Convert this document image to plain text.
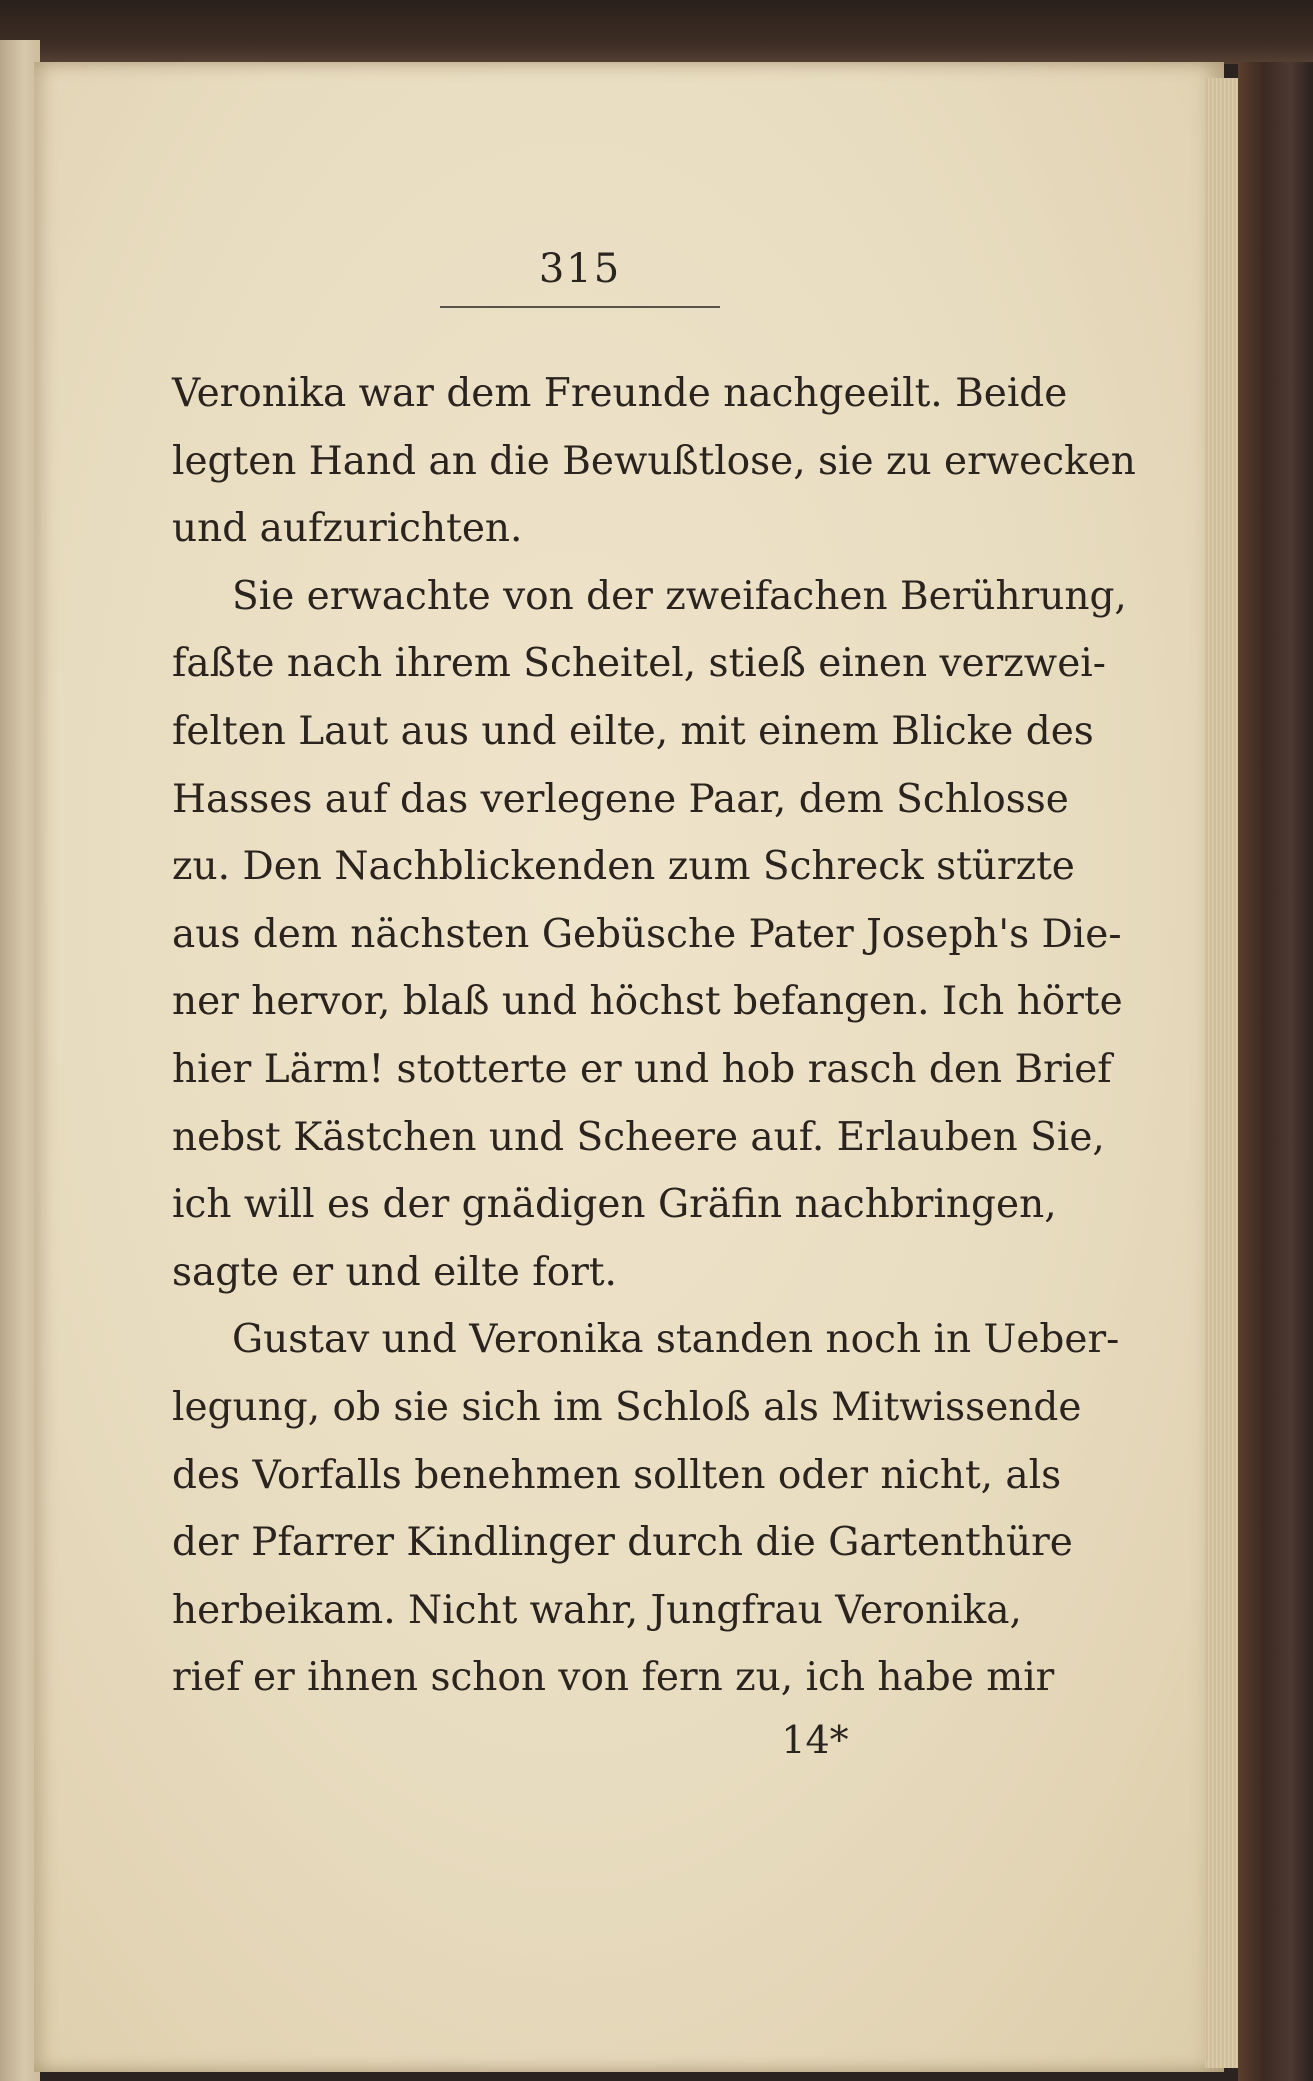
315
Veronika war dem Freunde nachgeeilt. Beide
legten Hand an die Bewußtlose, sie zu erwecken
und aufzurichten.
Sie erwachte von der zweifachen Berührung,
faßte nach ihrem Scheitel, stieß einen verzwei-
felten Laut aus und eilte, mit einem Blicke des
Hasses auf das verlegene Paar, dem Schlosse
zu. Den Nachblickenden zum Schreck stürzte
aus dem nächsten Gebüsche Pater Joseph's Die-
ner hervor, blaß und höchst befangen. Ich hörte
hier Lärm! stotterte er und hob rasch den Brief
nebst Kästchen und Scheere auf. Erlauben Sie,
ich will es der gnädigen Gräfin nachbringen,
sagte er und eilte fort.
Gustav und Veronika standen noch in Ueber-
legung, ob sie sich im Schloß als Mitwissende
des Vorfalls benehmen sollten oder nicht, als
der Pfarrer Kindlinger durch die Gartenthüre
herbeikam. Nicht wahr, Jungfrau Veronika,
rief er ihnen schon von fern zu, ich habe mir
14*
